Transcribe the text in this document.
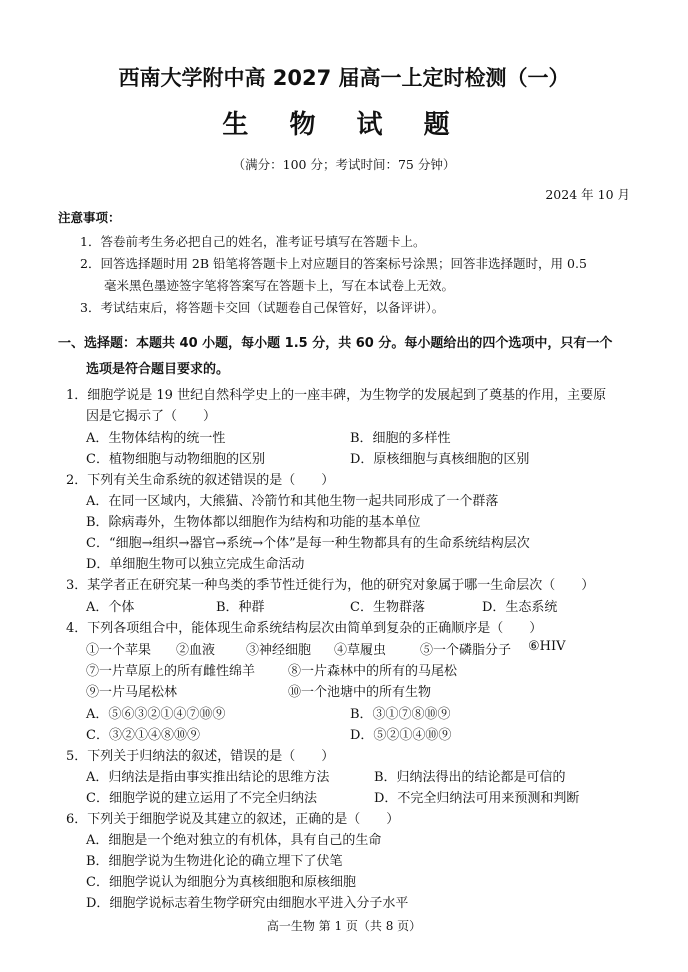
西南大学附中高 2027 届高一上定时检测（一）
生 物 试 题
（满分：100 分；考试时间：75 分钟）
2024 年 10 月
注意事项：
1．答卷前考生务必把自己的姓名，准考证号填写在答题卡上。
2．回答选择题时用 2B 铅笔将答题卡上对应题目的答案标号涂黑；回答非选择题时，用 0.5
毫米黑色墨迹签字笔将答案写在答题卡上，写在本试卷上无效。
3．考试结束后，将答题卡交回（试题卷自己保管好，以备评讲）。
一、选择题：本题共 40 小题，每小题 1.5 分，共 60 分。每小题给出的四个选项中，只有一个
选项是符合题目要求的。
1．细胞学说是 19 世纪自然科学史上的一座丰碑，为生物学的发展起到了奠基的作用，主要原
因是它揭示了（　　）
A．生物体结构的统一性	B．细胞的多样性
C．植物细胞与动物细胞的区别	D．原核细胞与真核细胞的区别
2．下列有关生命系统的叙述错误的是（　　）
A．在同一区域内，大熊猫、冷箭竹和其他生物一起共同形成了一个群落
B．除病毒外，生物体都以细胞作为结构和功能的基本单位
C．“细胞→组织→器官→系统→个体”是每一种生物都具有的生命系统结构层次
D．单细胞生物可以独立完成生命活动
3．某学者正在研究某一种鸟类的季节性迁徙行为，他的研究对象属于哪一生命层次（　　）
A．个体	B．种群	C．生物群落	D．生态系统
4．下列各项组合中，能体现生命系统结构层次由简单到复杂的正确顺序是（　　）
①一个苹果 ②血液 ③神经细胞 ④草履虫	⑤一个磷脂分子 ⑥HIV
⑦一片草原上的所有雌性绵羊	⑧一片森林中的所有的马尾松
⑨一片马尾松林	⑩一个池塘中的所有生物
A．⑤⑥③②①④⑦⑩⑨	B．③①⑦⑧⑩⑨
C．③②①④⑧⑩⑨	D．⑤②①④⑩⑨
5．下列关于归纳法的叙述，错误的是（　　）
A．归纳法是指由事实推出结论的思维方法	B．归纳法得出的结论都是可信的
C．细胞学说的建立运用了不完全归纳法	D．不完全归纳法可用来预测和判断
6．下列关于细胞学说及其建立的叙述，正确的是（　　）
A．细胞是一个绝对独立的有机体，具有自己的生命
B．细胞学说为生物进化论的确立埋下了伏笔
C．细胞学说认为细胞分为真核细胞和原核细胞
D．细胞学说标志着生物学研究由细胞水平进入分子水平
高一生物 第 1 页（共 8 页）
